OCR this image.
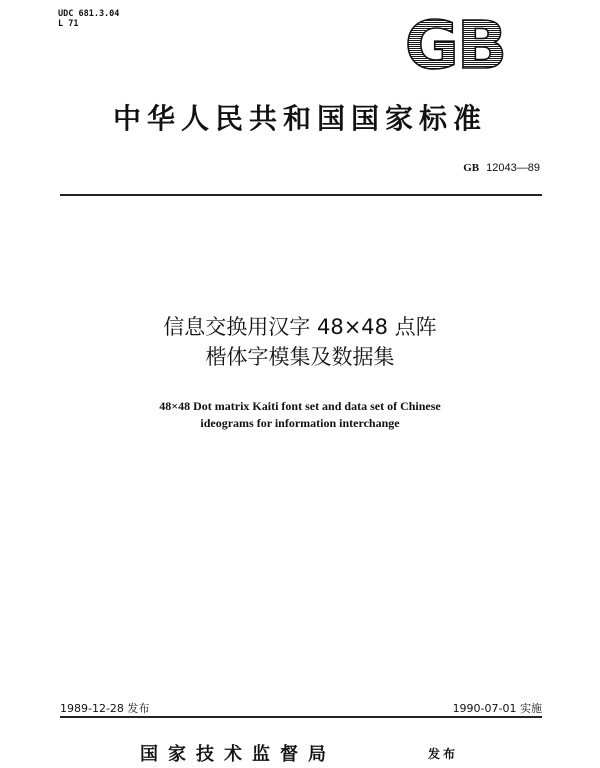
UDC 681.3.04
L 71	GB
中华人民共和国国家标准
GB 12043—89
信息交换用汉字 48×48 点阵
楷体字模集及数据集
48×48 Dot matrix Kaiti font set and data set of Chinese
ideograms for information interchange
1989-12-28 发布	1990-07-01 实施
国家技术监督局	发布
